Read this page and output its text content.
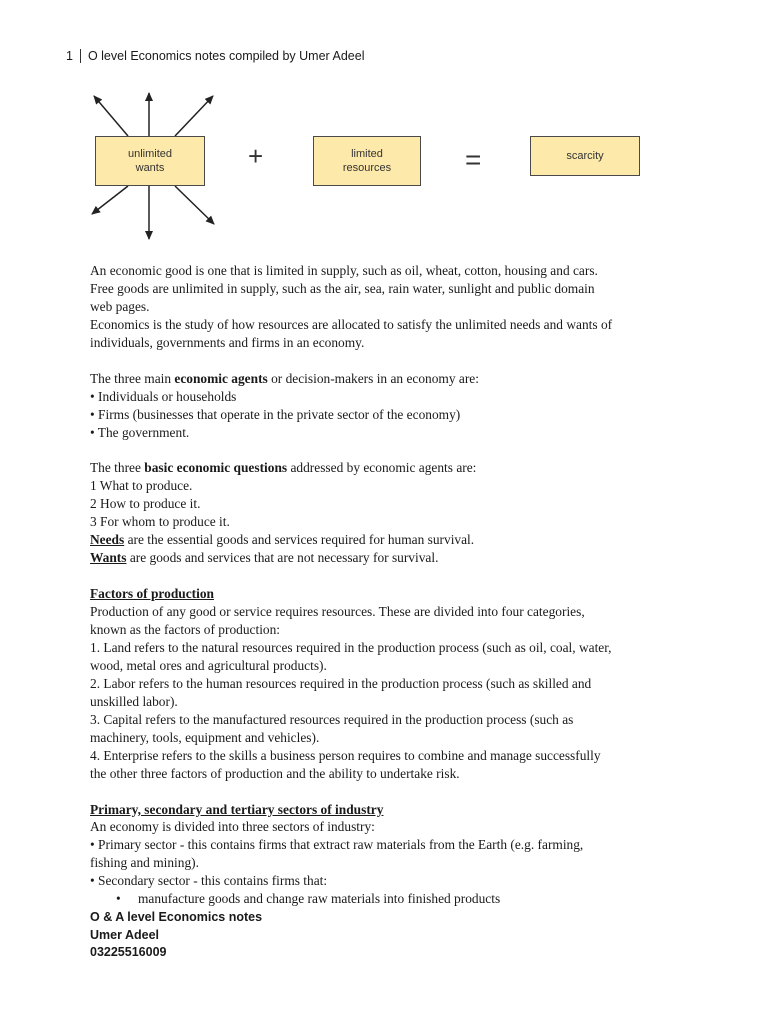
1	O level Economics notes compiled by Umer Adeel
unlimited
wants	+	limited
resources	=	scarcity

An economic good is one that is limited in supply, such as oil, wheat, cotton, housing and cars.

Free goods are unlimited in supply, such as the air, sea, rain water, sunlight and public domain

web pages.

Economics is the study of how resources are allocated to satisfy the unlimited needs and wants of

individuals, governments and firms in an economy.

The three main economic agents or decision-makers in an economy are:

• Individuals or households

• Firms (businesses that operate in the private sector of the economy)

• The government.

The three basic economic questions addressed by economic agents are:

1 What to produce.

2 How to produce it.

3 For whom to produce it.

Needs are the essential goods and services required for human survival.

Wants are goods and services that are not necessary for survival.

Factors of production

Production of any good or service requires resources. These are divided into four categories,

known as the factors of production:

1. Land refers to the natural resources required in the production process (such as oil, coal, water,

wood, metal ores and agricultural products).

2. Labor refers to the human resources required in the production process (such as skilled and

unskilled labor).

3. Capital refers to the manufactured resources required in the production process (such as

machinery, tools, equipment and vehicles).

4. Enterprise refers to the skills a business person requires to combine and manage successfully

the other three factors of production and the ability to undertake risk.

Primary, secondary and tertiary sectors of industry

An economy is divided into three sectors of industry:

• Primary sector - this contains firms that extract raw materials from the Earth (e.g. farming,

fishing and mining).

• Secondary sector - this contains firms that:

• manufacture goods and change raw materials into finished products

O & A level Economics notes
Umer Adeel
03225516009
